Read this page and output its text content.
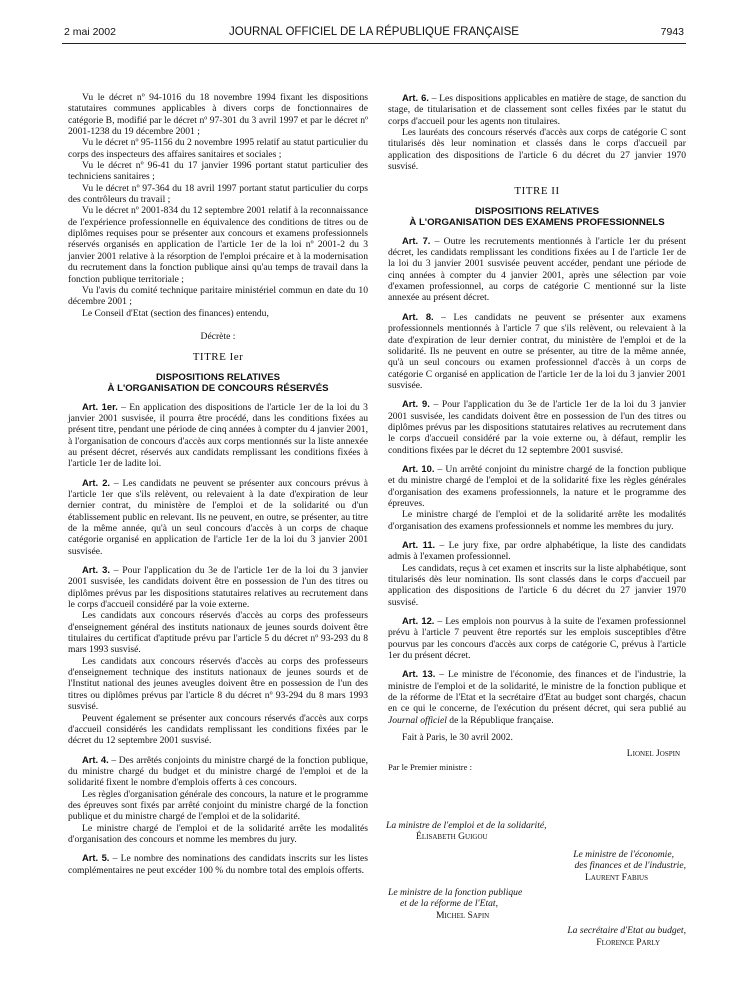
2 mai 2002	JOURNAL OFFICIEL DE LA RÉPUBLIQUE FRANÇAISE	7943

Vu le décret nº 94-1016 du 18 novembre 1994 fixant les dispositions statutaires communes applicables à divers corps de fonctionnaires de catégorie B, modifié par le décret nº 97-301 du 3 avril 1997 et par le décret nº 2001-1238 du 19 décembre 2001 ;

Vu le décret nº 95-1156 du 2 novembre 1995 relatif au statut particulier du corps des inspecteurs des affaires sanitaires et sociales ;

Vu le décret nº 96-41 du 17 janvier 1996 portant statut particulier des techniciens sanitaires ;

Vu le décret nº 97-364 du 18 avril 1997 portant statut particulier du corps des contrôleurs du travail ;

Vu le décret nº 2001-834 du 12 septembre 2001 relatif à la reconnaissance de l'expérience professionnelle en équivalence des conditions de titres ou de diplômes requises pour se présenter aux concours et examens professionnels réservés organisés en application de l'article 1er de la loi nº 2001-2 du 3 janvier 2001 relative à la résorption de l'emploi précaire et à la modernisation du recrutement dans la fonction publique ainsi qu'au temps de travail dans la fonction publique territoriale ;

Vu l'avis du comité technique paritaire ministériel commun en date du 10 décembre 2001 ;

Le Conseil d'Etat (section des finances) entendu,

Décrète :

TITRE Ier
DISPOSITIONS RELATIVES
À L'ORGANISATION DE CONCOURS RÉSERVÉS

Art. 1er. – En application des dispositions de l'article 1er de la loi du 3 janvier 2001 susvisée, il pourra être procédé, dans les conditions fixées au présent titre, pendant une période de cinq années à compter du 4 janvier 2001, à l'organisation de concours d'accès aux corps mentionnés sur la liste annexée au présent décret, réservés aux candidats remplissant les conditions fixées à l'article 1er de ladite loi.

Art. 2. – Les candidats ne peuvent se présenter aux concours prévus à l'article 1er que s'ils relèvent, ou relevaient à la date d'expiration de leur dernier contrat, du ministère de l'emploi et de la solidarité ou d'un établissement public en relevant. Ils ne peuvent, en outre, se présenter, au titre de la même année, qu'à un seul concours d'accès à un corps de chaque catégorie organisé en application de l'article 1er de la loi du 3 janvier 2001 susvisée.

Art. 3. – Pour l'application du 3e de l'article 1er de la loi du 3 janvier 2001 susvisée, les candidats doivent être en possession de l'un des titres ou diplômes prévus par les dispositions statutaires relatives au recrutement dans le corps d'accueil considéré par la voie externe.

Les candidats aux concours réservés d'accès au corps des professeurs d'enseignement général des instituts nationaux de jeunes sourds doivent être titulaires du certificat d'aptitude prévu par l'article 5 du décret nº 93-293 du 8 mars 1993 susvisé.

Les candidats aux concours réservés d'accès au corps des professeurs d'enseignement technique des instituts nationaux de jeunes sourds et de l'Institut national des jeunes aveugles doivent être en possession de l'un des titres ou diplômes prévus par l'article 8 du décret nº 93-294 du 8 mars 1993 susvisé.

Peuvent également se présenter aux concours réservés d'accès aux corps d'accueil considérés les candidats remplissant les conditions fixées par le décret du 12 septembre 2001 susvisé.

Art. 4. – Des arrêtés conjoints du ministre chargé de la fonction publique, du ministre chargé du budget et du ministre chargé de l'emploi et de la solidarité fixent le nombre d'emplois offerts à ces concours.

Les règles d'organisation générale des concours, la nature et le programme des épreuves sont fixés par arrêté conjoint du ministre chargé de la fonction publique et du ministre chargé de l'emploi et de la solidarité.

Le ministre chargé de l'emploi et de la solidarité arrête les modalités d'organisation des concours et nomme les membres du jury.

Art. 5. – Le nombre des nominations des candidats inscrits sur les listes complémentaires ne peut excéder 100 % du nombre total des emplois offerts.

Art. 6. – Les dispositions applicables en matière de stage, de sanction du stage, de titularisation et de classement sont celles fixées par le statut du corps d'accueil pour les agents non titulaires.

Les lauréats des concours réservés d'accès aux corps de catégorie C sont titularisés dès leur nomination et classés dans le corps d'accueil par application des dispositions de l'article 6 du décret du 27 janvier 1970 susvisé.

TITRE II
DISPOSITIONS RELATIVES
À L'ORGANISATION DES EXAMENS PROFESSIONNELS

Art. 7. – Outre les recrutements mentionnés à l'article 1er du présent décret, les candidats remplissant les conditions fixées au I de l'article 1er de la loi du 3 janvier 2001 susvisée peuvent accéder, pendant une période de cinq années à compter du 4 janvier 2001, après une sélection par voie d'examen professionnel, au corps de catégorie C mentionné sur la liste annexée au présent décret.

Art. 8. – Les candidats ne peuvent se présenter aux examens professionnels mentionnés à l'article 7 que s'ils relèvent, ou relevaient à la date d'expiration de leur dernier contrat, du ministère de l'emploi et de la solidarité. Ils ne peuvent en outre se présenter, au titre de la même année, qu'à un seul concours ou examen professionnel d'accès à un corps de catégorie C organisé en application de l'article 1er de la loi du 3 janvier 2001 susvisée.

Art. 9. – Pour l'application du 3e de l'article 1er de la loi du 3 janvier 2001 susvisée, les candidats doivent être en possession de l'un des titres ou diplômes prévus par les dispositions statutaires relatives au recrutement dans le corps d'accueil considéré par la voie externe ou, à défaut, remplir les conditions fixées par le décret du 12 septembre 2001 susvisé.

Art. 10. – Un arrêté conjoint du ministre chargé de la fonction publique et du ministre chargé de l'emploi et de la solidarité fixe les règles générales d'organisation des examens professionnels, la nature et le programme des épreuves.

Le ministre chargé de l'emploi et de la solidarité arrête les modalités d'organisation des examens professionnels et nomme les membres du jury.

Art. 11. – Le jury fixe, par ordre alphabétique, la liste des candidats admis à l'examen professionnel.

Les candidats, reçus à cet examen et inscrits sur la liste alphabétique, sont titularisés dès leur nomination. Ils sont classés dans le corps d'accueil par application des dispositions de l'article 6 du décret du 27 janvier 1970 susvisé.

Art. 12. – Les emplois non pourvus à la suite de l'examen professionnel prévu à l'article 7 peuvent être reportés sur les emplois susceptibles d'être pourvus par les concours d'accès aux corps de catégorie C, prévus à l'article 1er du présent décret.

Art. 13. – Le ministre de l'économie, des finances et de l'industrie, la ministre de l'emploi et de la solidarité, le ministre de la fonction publique et de la réforme de l'Etat et la secrétaire d'Etat au budget sont chargés, chacun en ce qui le concerne, de l'exécution du présent décret, qui sera publié au Journal officiel de la République française.

Fait à Paris, le 30 avril 2002.

Lionel Jospin

Par le Premier ministre :

La ministre de l'emploi et de la solidarité,
Élisabeth Guigou
Le ministre de l'économie,
des finances et de l'industrie,
Laurent Fabius
Le ministre de la fonction publique
et de la réforme de l'Etat,
Michel Sapin
La secrétaire d'Etat au budget,
Florence Parly
